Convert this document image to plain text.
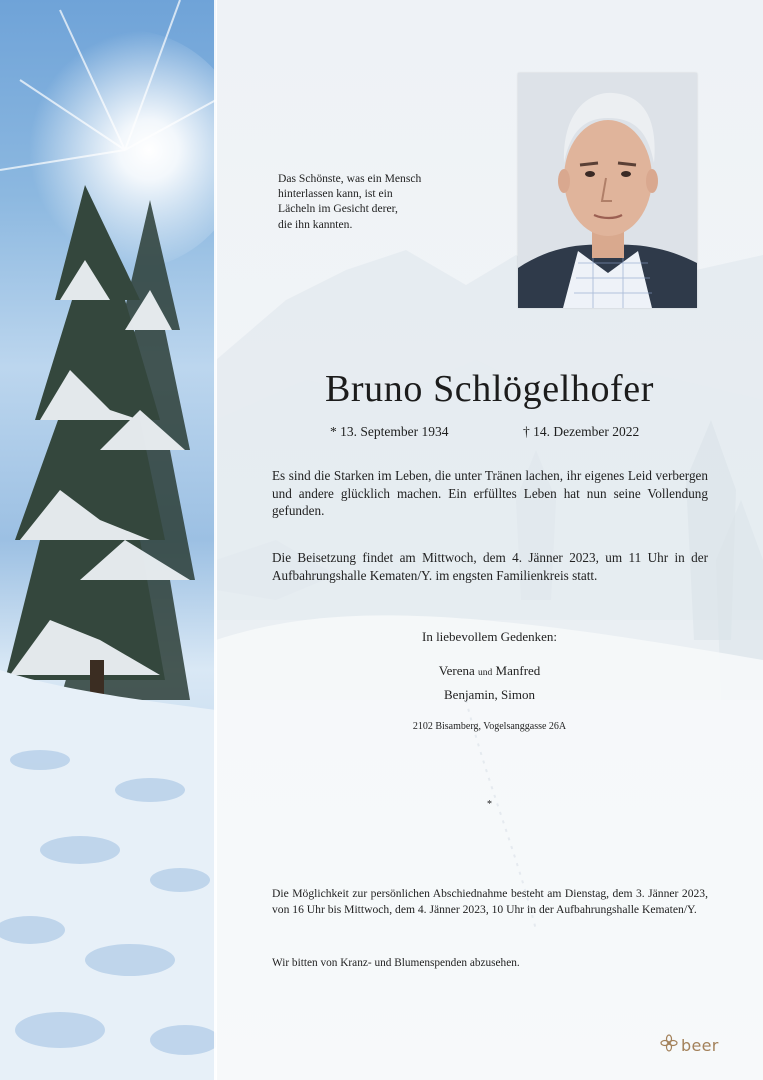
Das Schönste, was ein Mensch
hinterlassen kann, ist ein
Lächeln im Gesicht derer,
die ihn kannten.
Bruno Schlögelhofer
* 13. September 1934	† 14. Dezember 2022
Es sind die Starken im Leben, die unter Tränen lachen, ihr eigenes Leid verbergen und andere glücklich machen. Ein erfülltes Leben hat nun seine Vollendung gefunden.
Die Beisetzung findet am Mittwoch, dem 4. Jänner 2023, um 11 Uhr in der Aufbahrungshalle Kematen/Y. im engsten Familienkreis statt.
In liebevollem Gedenken:
Verena und Manfred
Benjamin, Simon
2102 Bisamberg, Vogelsanggasse 26A
*
Die Möglichkeit zur persönlichen Abschiednahme besteht am Dienstag, dem 3. Jänner 2023, von 16 Uhr bis Mittwoch, dem 4. Jänner 2023, 10 Uhr in der Aufbahrungshalle Kematen/Y.
Wir bitten von Kranz- und Blumenspenden abzusehen.
beer
